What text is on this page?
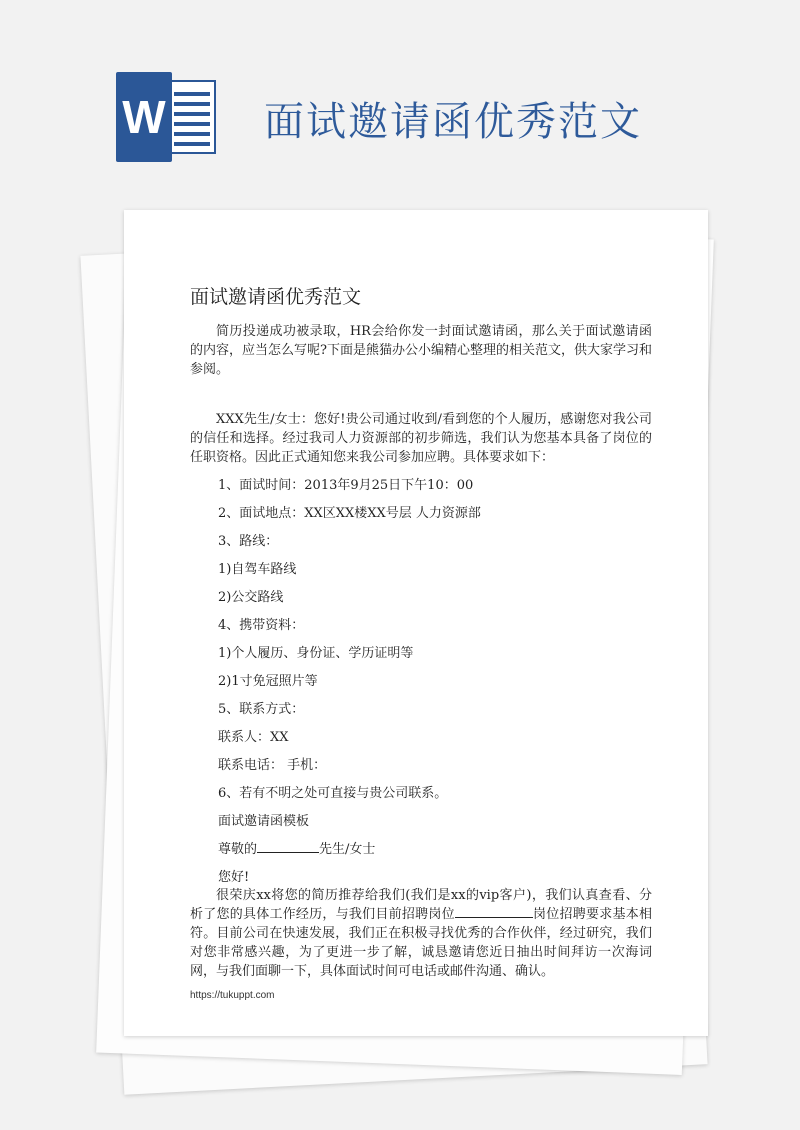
W 面试邀请函优秀范文
面试邀请函优秀范文
简历投递成功被录取，HR会给你发一封面试邀请函，那么关于面试邀请函的内容，应当怎么写呢?下面是熊猫办公小编精心整理的相关范文，供大家学习和参阅。
XXX先生/女士：您好!贵公司通过收到/看到您的个人履历，感谢您对我公司的信任和选择。经过我司人力资源部的初步筛选，我们认为您基本具备了岗位的任职资格。因此正式通知您来我公司参加应聘。具体要求如下：
1、面试时间：2013年9月25日下午10：00
2、面试地点：XX区XX楼XX号层 人力资源部
3、路线：
1)自驾车路线
2)公交路线
4、携带资料：
1)个人履历、身份证、学历证明等
2)1寸免冠照片等
5、联系方式：
联系人：XX
联系电话： 手机：
6、若有不明之处可直接与贵公司联系。
面试邀请函模板
尊敬的	先生/女士
您好!
很荣庆xx将您的简历推荐给我们(我们是xx的vip客户)，我们认真查看、分析了您的具体工作经历，与我们目前招聘岗位	岗位招聘要求基本相符。目前公司在快速发展，我们正在积极寻找优秀的合作伙伴，经过研究，我们对您非常感兴趣，为了更进一步了解，诚恳邀请您近日抽出时间拜访一次海词网，与我们面聊一下，具体面试时间可电话或邮件沟通、确认。
https://tukuppt.com
